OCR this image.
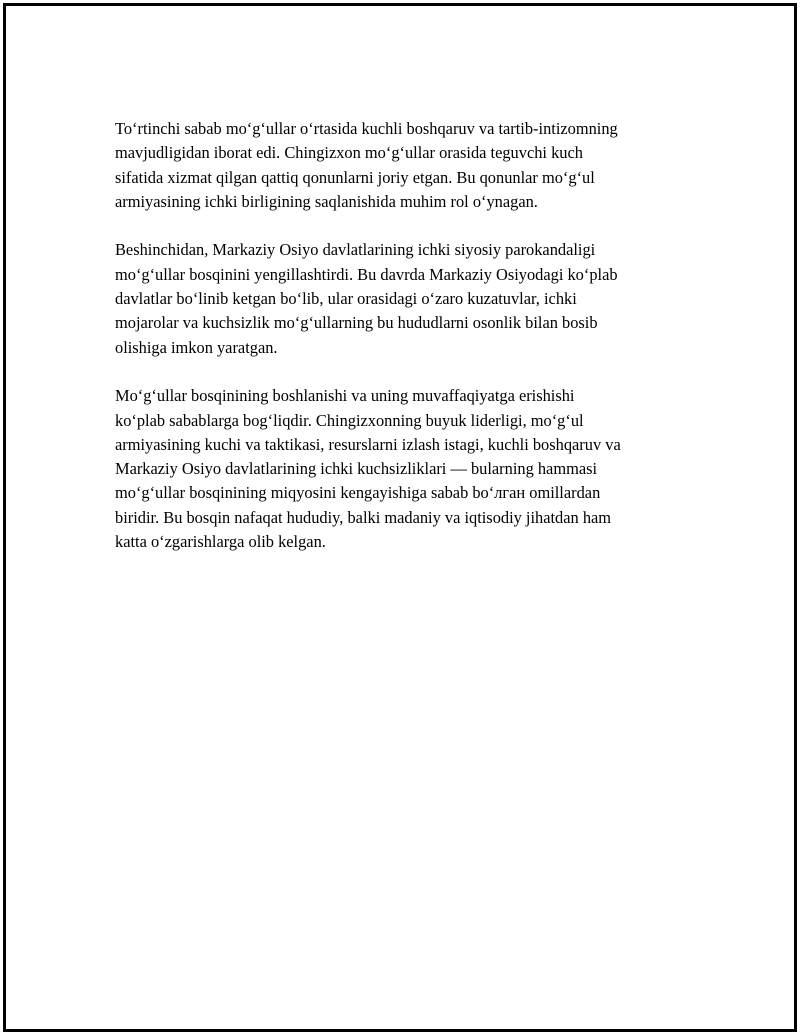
To‘rtinchi sabab mo‘g‘ullar o‘rtasida kuchli boshqaruv va tartib-intizomning
mavjudligidan iborat edi. Chingizxon mo‘g‘ullar orasida teguvchi kuch
sifatida xizmat qilgan qattiq qonunlarni joriy etgan. Bu qonunlar mo‘g‘ul
armiyasining ichki birligining saqlanishida muhim rol o‘ynagan.

Beshinchidan, Markaziy Osiyo davlatlarining ichki siyosiy parokandaligi
mo‘g‘ullar bosqinini yengillashtirdi. Bu davrda Markaziy Osiyodagi ko‘plab
davlatlar bo‘linib ketgan bo‘lib, ular orasidagi o‘zaro kuzatuvlar, ichki
mojarolar va kuchsizlik mo‘g‘ullarning bu hududlarni osonlik bilan bosib
olishiga imkon yaratgan.

Mo‘g‘ullar bosqinining boshlanishi va uning muvaffaqiyatga erishishi
ko‘plab sabablarga bog‘liqdir. Chingizxonning buyuk liderligi, mo‘g‘ul
armiyasining kuchi va taktikasi, resurslarni izlash istagi, kuchli boshqaruv va
Markaziy Osiyo davlatlarining ichki kuchsizliklari — bularning hammasi
mo‘g‘ullar bosqinining miqyosini kengayishiga sabab bo‘лган omillardan
biridir. Bu bosqin nafaqat hududiy, balki madaniy va iqtisodiy jihatdan ham
katta o‘zgarishlarga olib kelgan.
